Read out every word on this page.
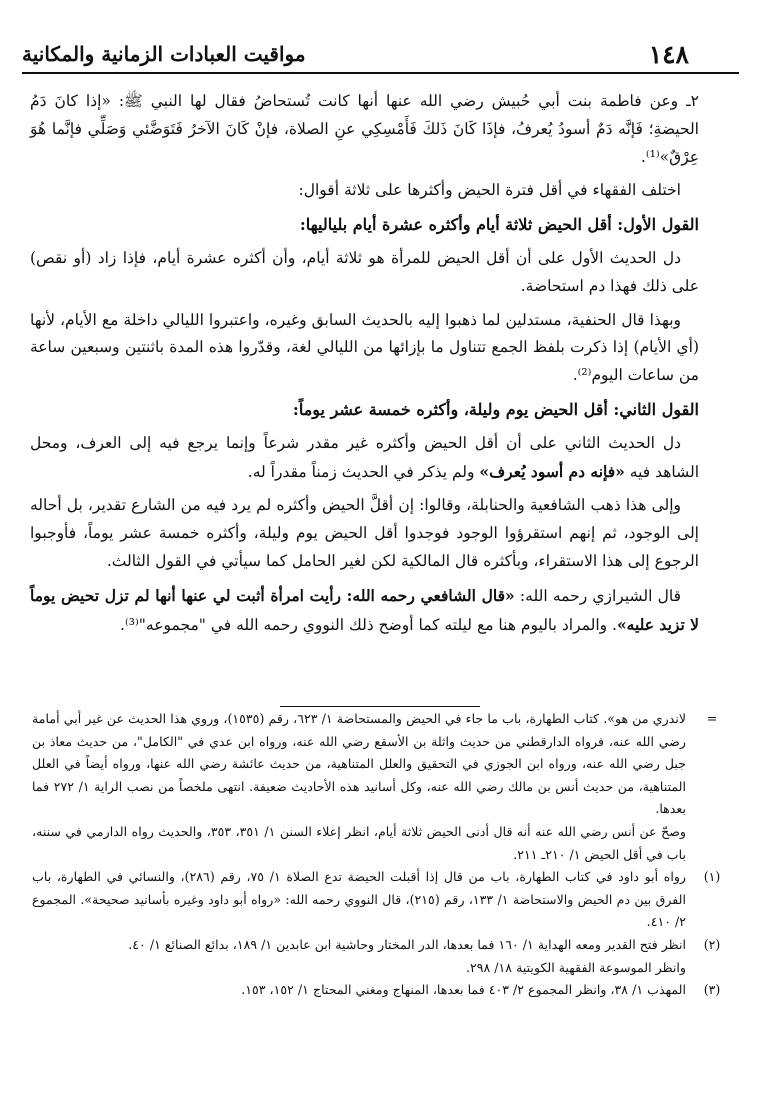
١٤٨
مواقيت العبادات الزمانية والمكانية

٢ـ وعن فاطمة بنت أبي حُبيش رضي الله عنها أنها كانت تُستحاضُ فقال لها النبي ﷺ: «إذا كانَ دَمُ الحيضةِ؛ فَإنَّه دَمٌ أسودُ يُعرفُ، فإذَا كَانَ ذَلكَ فَأَمْسِكِي عنِ الصلاة، فإنْ كَانَ الآخرُ فَتَوَضَّئي وَصَلِّي فإنَّما هُوَ عِرْقٌ»⁽¹⁾.

اختلف الفقهاء في أقل فترة الحيض وأكثرها على ثلاثة أقوال:

القول الأول: أقل الحيض ثلاثة أيام وأكثره عشرة أيام بلياليها:

دل الحديث الأول على أن أقل الحيض للمرأة هو ثلاثة أيام، وأن أكثره عشرة أيام، فإذا زاد (أو نقص) على ذلك فهذا دم استحاضة.

وبهذا قال الحنفية، مستدلين لما ذهبوا إليه بالحديث السابق وغيره، واعتبروا الليالي داخلة مع الأيام، لأنها (أي الأيام) إذا ذكرت بلفظ الجمع تتناول ما بإزائها من الليالي لغة، وقدّروا هذه المدة باثنتين وسبعين ساعة من ساعات اليوم⁽²⁾.

القول الثاني: أقل الحيض يوم وليلة، وأكثره خمسة عشر يوماً:

دل الحديث الثاني على أن أقل الحيض وأكثره غير مقدر شرعاً وإنما يرجع فيه إلى العرف، ومحل الشاهد فيه «فإنه دم أسود يُعرف» ولم يذكر في الحديث زمناً مقدراً له.

وإلى هذا ذهب الشافعية والحنابلة، وقالوا: إن أقلَّ الحيض وأكثره لم يرد فيه من الشارع تقدير، بل أحاله إلى الوجود، ثم إنهم استقرؤوا الوجود فوجدوا أقل الحيض يوم وليلة، وأكثره خمسة عشر يوماً، فأوجبوا الرجوع إلى هذا الاستقراء، وبأكثره قال المالكية لكن لغير الحامل كما سيأتي في القول الثالث.

قال الشيرازي رحمه الله: «قال الشافعي رحمه الله: رأيت امرأة أثبت لي عنها أنها لم تزل تحيض يوماً لا تزيد عليه». والمراد باليوم هنا مع ليلته كما أوضح ذلك النووي رحمه الله في "مجموعه"⁽³⁾.

=

لاندري من هو». كتاب الطهارة، باب ما جاء في الحيض والمستحاضة ١/ ٦٢٣، رقم (١٥٣٥)، وروي هذا الحديث عن غير أبي أمامة رضي الله عنه، فرواه الدارقطني من حديث واثلة بن الأسقع رضي الله عنه، ورواه ابن عدي في "الكامل"، من حديث معاذ بن جبل رضي الله عنه، ورواه ابن الجوزي في التحقيق والعلل المتناهية، من حديث عائشة رضي الله عنها، ورواه أيضاً في العلل المتناهية، من حديث أنس بن مالك رضي الله عنه، وكل أسانيد هذه الأحاديث ضعيفة. انتهى ملخصاً من نصب الراية ١/ ٢٧٢ فما بعدها.

وصحّ عن أنس رضي الله عنه أنه قال أدنى الحيض ثلاثة أيام، انظر إعلاء السنن ١/ ٣٥١، ٣٥٣، والحديث رواه الدارمي في سننه، باب في أقل الحيض ١/ ٢١٠ـ ٢١١.

(١)

رواه أبو داود في كتاب الطهارة، باب من قال إذا أقبلت الحيضة تدع الصلاة ١/ ٧٥، رقم (٢٨٦)، والنسائي في الطهارة، باب الفرق بين دم الحيض والاستحاضة ١/ ١٣٣، رقم (٢١٥)، قال النووي رحمه الله: «رواه أبو داود وغيره بأسانيد صحيحة». المجموع ٢/ ٤١٠.

(٢)

انظر فتح القدير ومعه الهداية ١/ ١٦٠ فما بعدها، الدر المختار وحاشية ابن عابدين ١/ ١٨٩، بدائع الصنائع ١/ ٤٠.

وانظر الموسوعة الفقهية الكويتية ١٨/ ٢٩٨.

(٣)

المهذب ١/ ٣٨، وانظر المجموع ٢/ ٤٠٣ فما بعدها، المنهاج ومغني المحتاج ١/ ١٥٢، ١٥٣.
